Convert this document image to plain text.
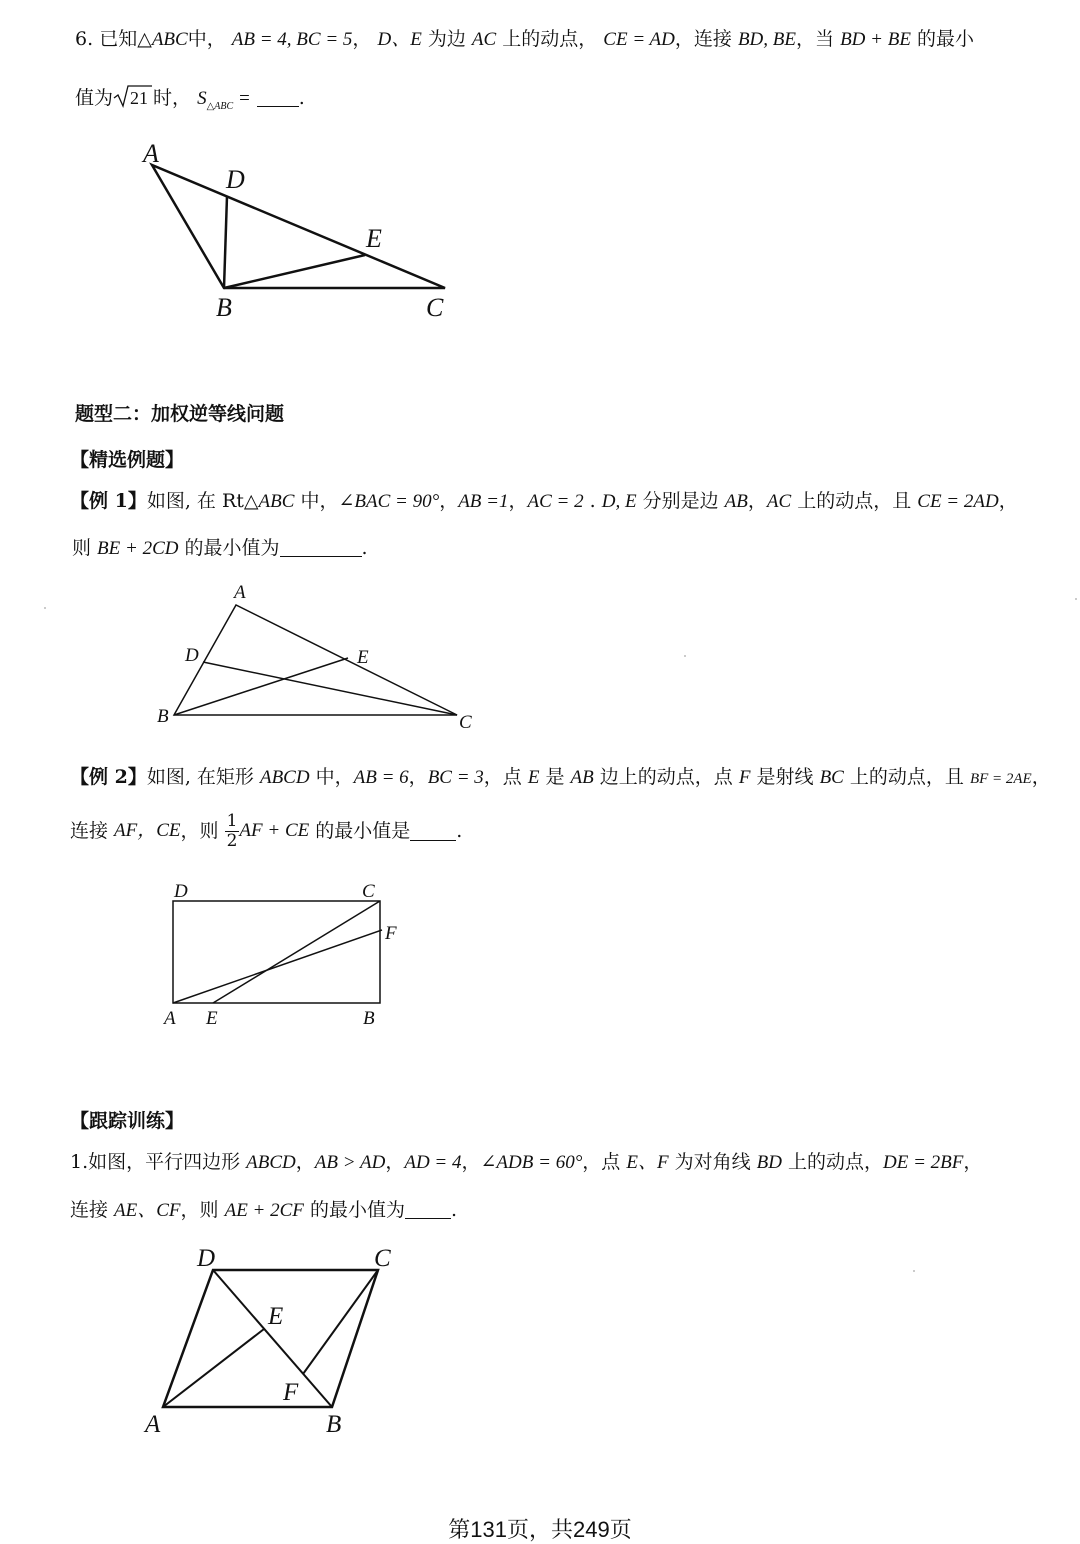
6. 已知△ABC中， AB = 4, BC = 5， D、E 为边 AC 上的动点， CE = AD，连接 BD, BE，当 BD + BE 的最小
值为 21 时， $S_{\triangle ABC}$ =	.
A
D
E
B	C
题型二：加权逆等线问题
【精选例题】
【例 1】如图, 在 Rt△ABC 中，∠BAC = 90°，AB =1，AC = 2 . D, E 分别是边 AB，AC 上的动点，且 CE = 2AD，
则 BE + 2CD 的最小值为	.
A
D	E
B	C
【例 2】如图, 在矩形 ABCD 中，AB = 6，BC = 3，点 E 是 AB 边上的动点，点 F 是射线 BC 上的动点，且 BF = 2AE，
连接 AF，CE，则 $\frac{1}{2}$ AF + CE 的最小值是 .
D	C
F
A E	B
【跟踪训练】
1.如图，平行四边形 ABCD，AB > AD，AD = 4，∠ADB = 60°，点 E、F 为对角线 BD 上的动点，DE = 2BF，
连接 AE、CF，则 AE + 2CF 的最小值为 .
D	C
E
F
A	B
第131页，共249页
